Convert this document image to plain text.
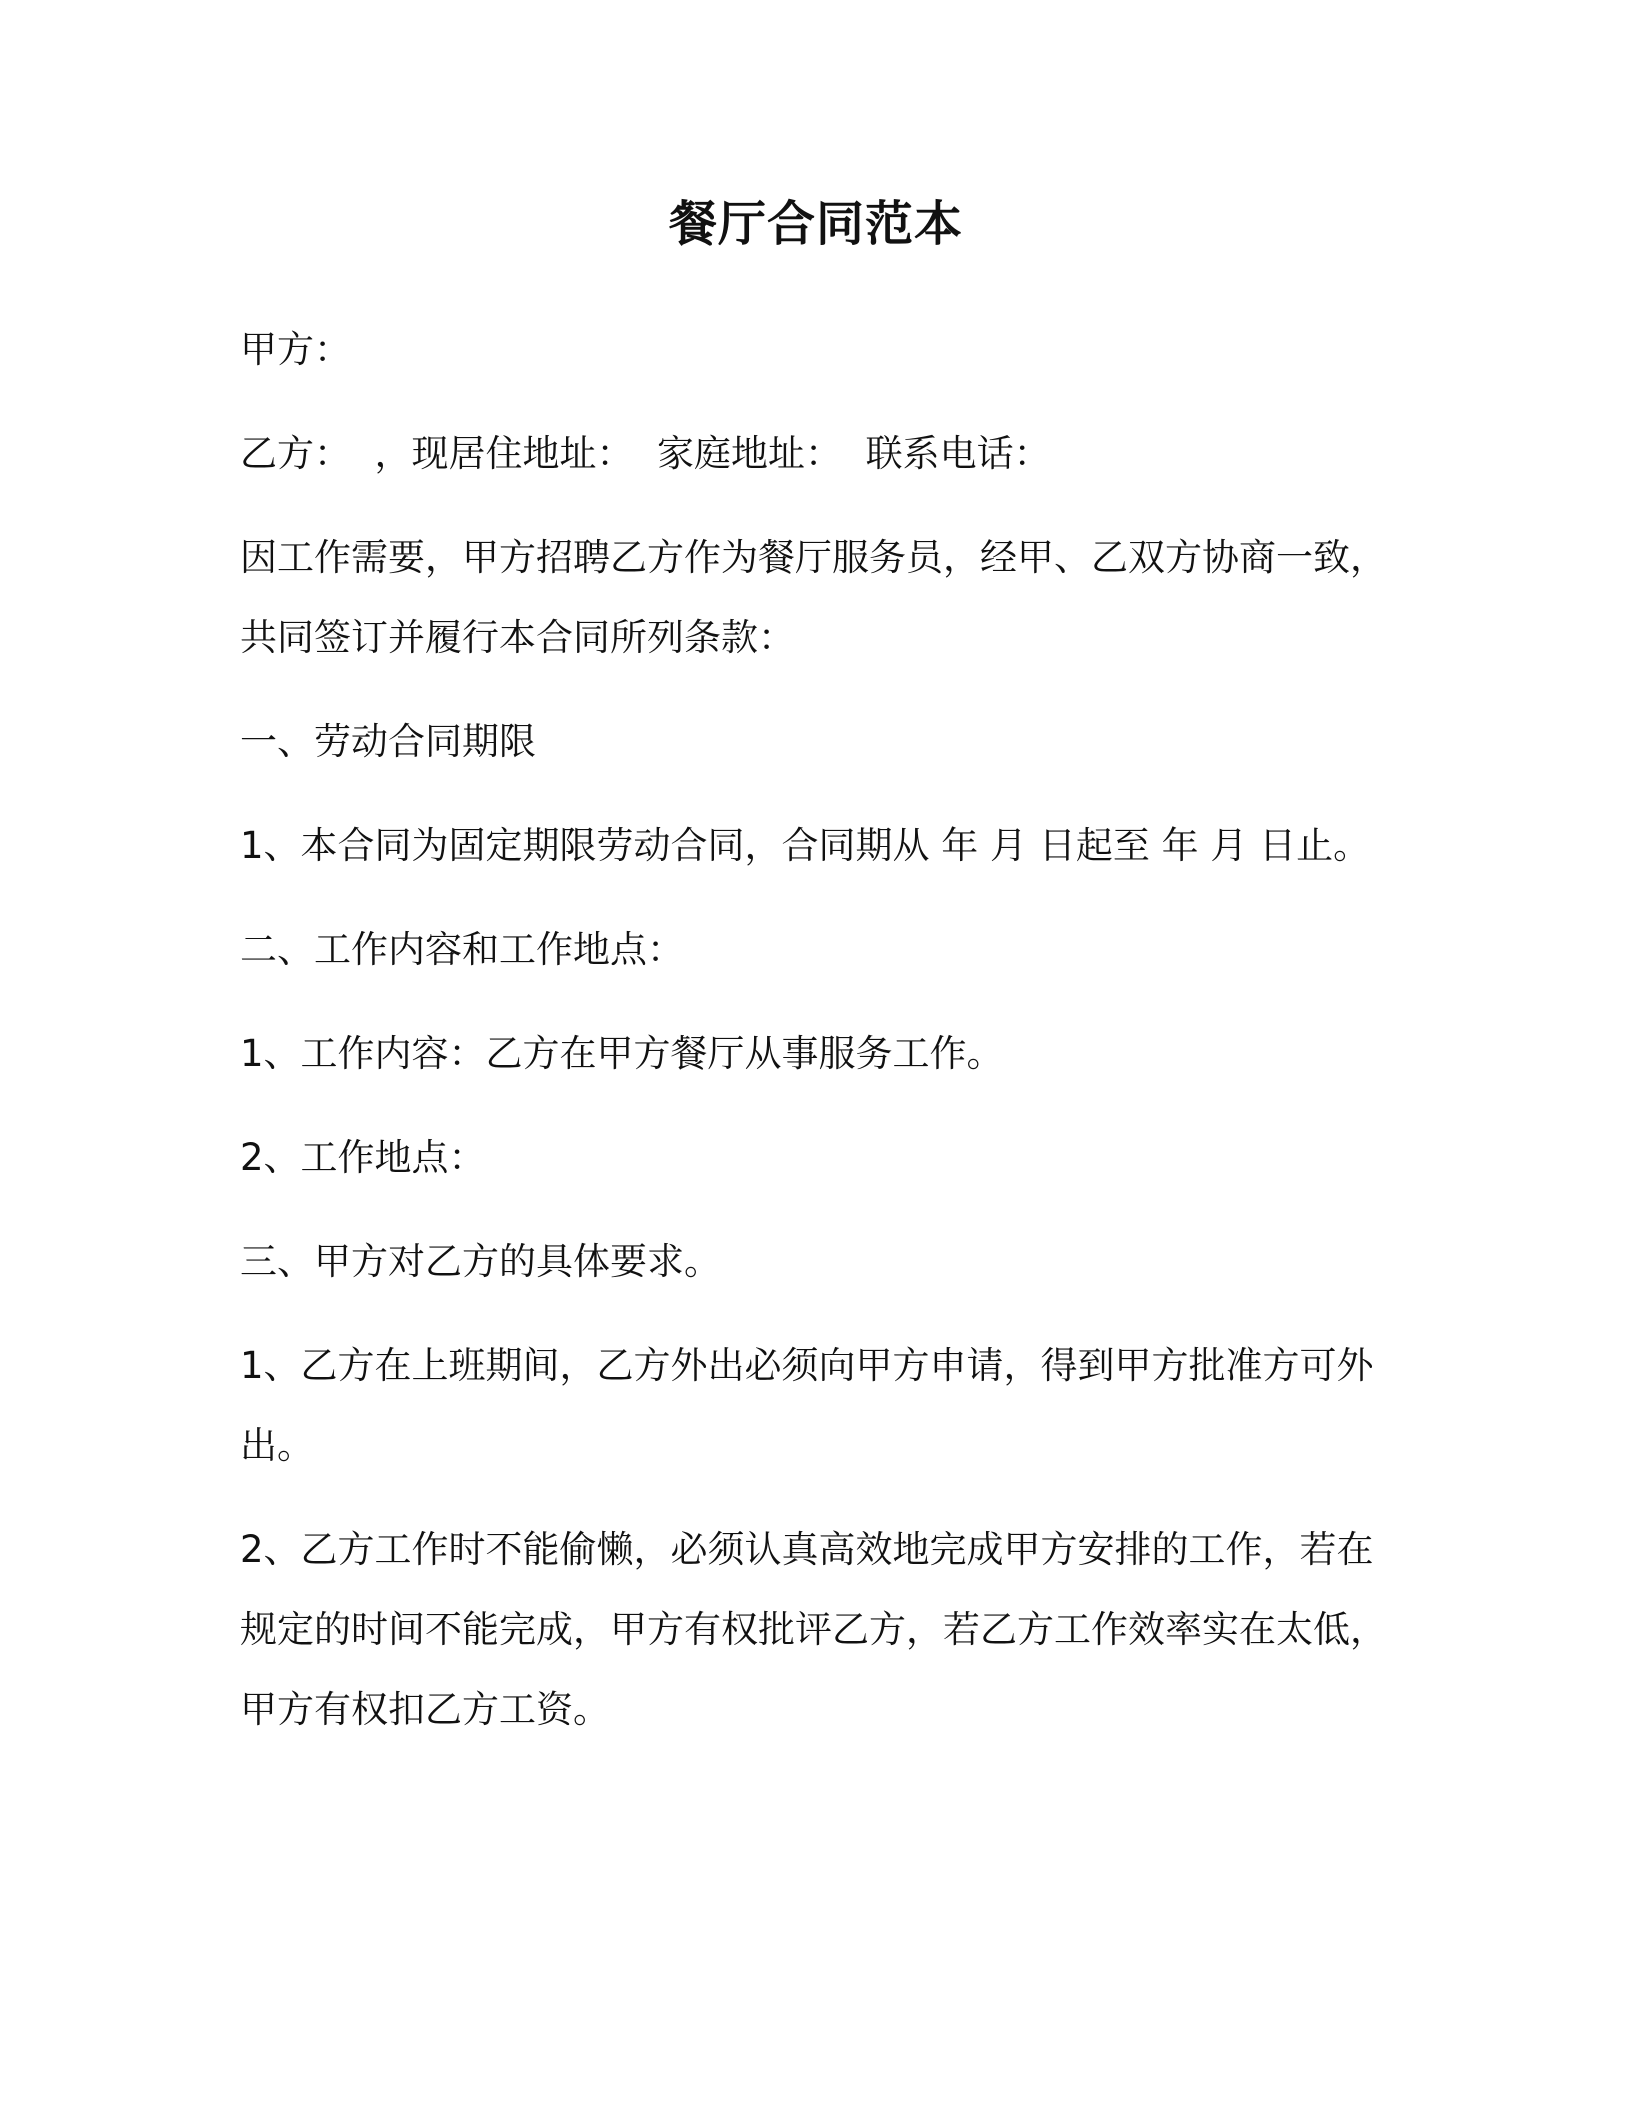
餐厅合同范本

甲方：

乙方：  ，现居住地址：  家庭地址：  联系电话：

因工作需要，甲方招聘乙方作为餐厅服务员，经甲、乙双方协商一致，共同签订并履行本合同所列条款：

一、劳动合同期限

1、本合同为固定期限劳动合同，合同期从 年 月 日起至 年 月 日止。

二、工作内容和工作地点：

1、工作内容：乙方在甲方餐厅从事服务工作。

2、工作地点：

三、甲方对乙方的具体要求。

1、乙方在上班期间，乙方外出必须向甲方申请，得到甲方批准方可外出。

2、乙方工作时不能偷懒，必须认真高效地完成甲方安排的工作，若在规定的时间不能完成，甲方有权批评乙方，若乙方工作效率实在太低，甲方有权扣乙方工资。
